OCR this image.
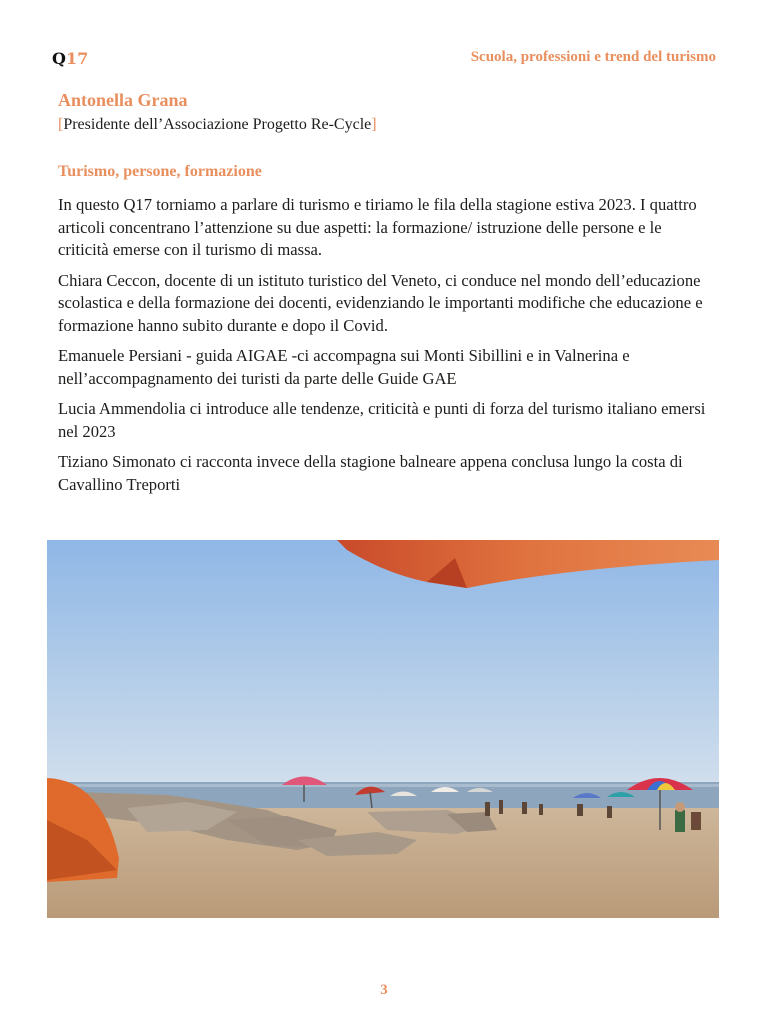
Q17	Scuola, professioni e trend del turismo
Antonella Grana
[Presidente dell’Associazione Progetto Re-Cycle]
Turismo, persone, formazione

In questo Q17 torniamo a parlare di turismo e tiriamo le fila della stagione estiva 2023. I quattro articoli concentrano l’attenzione su due aspetti: la formazione/ istruzione delle persone e le criticità emerse con il turismo di massa.

Chiara Ceccon, docente di un istituto turistico del Veneto, ci conduce nel mondo dell’educazione scolastica e della formazione dei docenti, evidenziando le importanti modifiche che educazione e formazione hanno subito durante e dopo il Covid.

Emanuele Persiani - guida AIGAE -ci accompagna sui Monti Sibillini e in Valnerina e nell’accompagnamento dei turisti da parte delle Guide GAE

Lucia Ammendolia ci introduce alle tendenze, criticità e punti di forza del turismo italiano emersi nel 2023

Tiziano Simonato ci racconta invece della stagione balneare appena conclusa lungo la costa di Cavallino Treporti

3
